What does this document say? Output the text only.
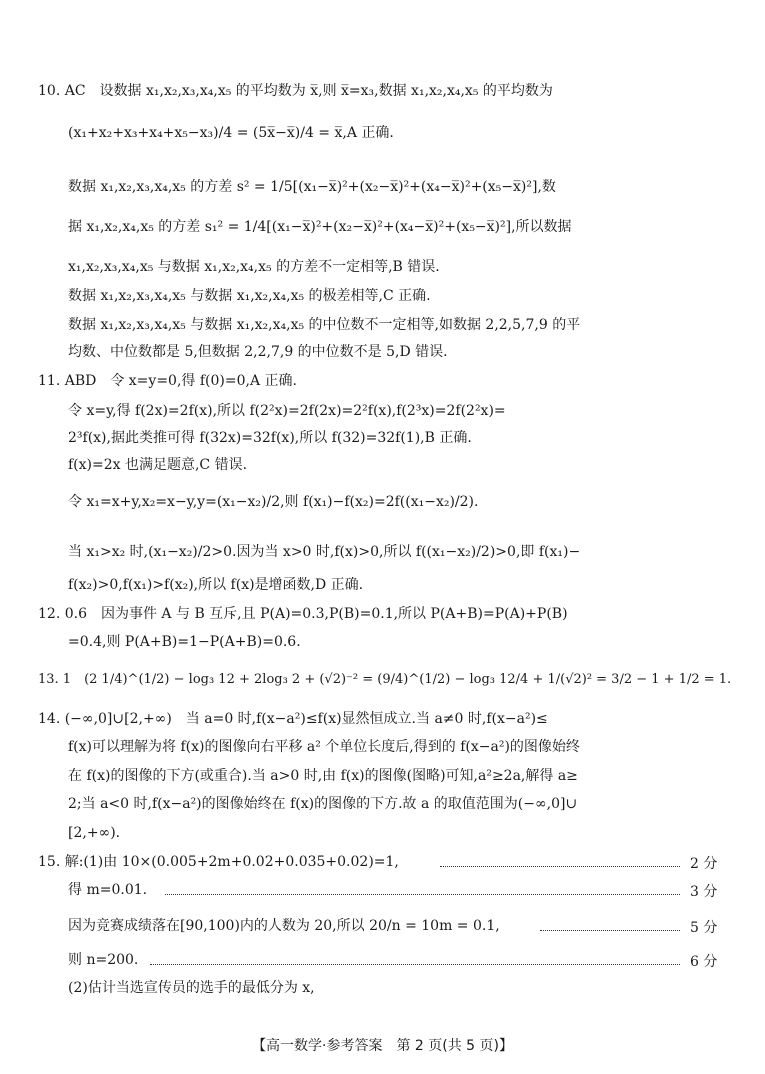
10. AC　设数据 x₁,x₂,x₃,x₄,x₅ 的平均数为 x̅,则 x̅=x₃,数据 x₁,x₂,x₄,x₅ 的平均数为
(x₁+x₂+x₃+x₄+x₅−x₃)/4 = (5x̅−x̅)/4 = x̅,A 正确.
数据 x₁,x₂,x₃,x₄,x₅ 的方差 s² = 1/5[(x₁−x̅)²+(x₂−x̅)²+(x₄−x̅)²+(x₅−x̅)²],数
据 x₁,x₂,x₄,x₅ 的方差 s₁² = 1/4[(x₁−x̅)²+(x₂−x̅)²+(x₄−x̅)²+(x₅−x̅)²],所以数据
x₁,x₂,x₃,x₄,x₅ 与数据 x₁,x₂,x₄,x₅ 的方差不一定相等,B 错误.
数据 x₁,x₂,x₃,x₄,x₅ 与数据 x₁,x₂,x₄,x₅ 的极差相等,C 正确.
数据 x₁,x₂,x₃,x₄,x₅ 与数据 x₁,x₂,x₄,x₅ 的中位数不一定相等,如数据 2,2,5,7,9 的平
均数、中位数都是 5,但数据 2,2,7,9 的中位数不是 5,D 错误.
11. ABD　令 x=y=0,得 f(0)=0,A 正确.
令 x=y,得 f(2x)=2f(x),所以 f(2²x)=2f(2x)=2²f(x),f(2³x)=2f(2²x)=
2³f(x),据此类推可得 f(32x)=32f(x),所以 f(32)=32f(1),B 正确.
f(x)=2x 也满足题意,C 错误.
令 x₁=x+y,x₂=x−y,y=(x₁−x₂)/2,则 f(x₁)−f(x₂)=2f((x₁−x₂)/2).
当 x₁>x₂ 时,(x₁−x₂)/2>0.因为当 x>0 时,f(x)>0,所以 f((x₁−x₂)/2)>0,即 f(x₁)−
f(x₂)>0,f(x₁)>f(x₂),所以 f(x)是增函数,D 正确.
12. 0.6　因为事件 A 与 B 互斥,且 P(A)=0.3,P(B)=0.1,所以 P(A+B)=P(A)+P(B)
=0.4,则 P(A+B)=1−P(A+B)=0.6.
13. 1　(2 1/4)^(1/2) − log₃ 12 + 2log₃ 2 + (√2)⁻² = (9/4)^(1/2) − log₃ 12/4 + 1/(√2)² = 3/2 − 1 + 1/2 = 1.
14. (−∞,0]∪[2,+∞)　当 a=0 时,f(x−a²)≤f(x)显然恒成立.当 a≠0 时,f(x−a²)≤
f(x)可以理解为将 f(x)的图像向右平移 a² 个单位长度后,得到的 f(x−a²)的图像始终
在 f(x)的图像的下方(或重合).当 a>0 时,由 f(x)的图像(图略)可知,a²≥2a,解得 a≥
2;当 a<0 时,f(x−a²)的图像始终在 f(x)的图像的下方.故 a 的取值范围为(−∞,0]∪
[2,+∞).
15. 解:(1)由 10×(0.005+2m+0.02+0.035+0.02)=1,	2 分
得 m=0.01.	3 分
因为竞赛成绩落在[90,100)内的人数为 20,所以 20/n = 10m = 0.1,	5 分
则 n=200.	6 分
(2)估计当选宣传员的选手的最低分为 x,
【高一数学·参考答案　第 2 页(共 5 页)】
